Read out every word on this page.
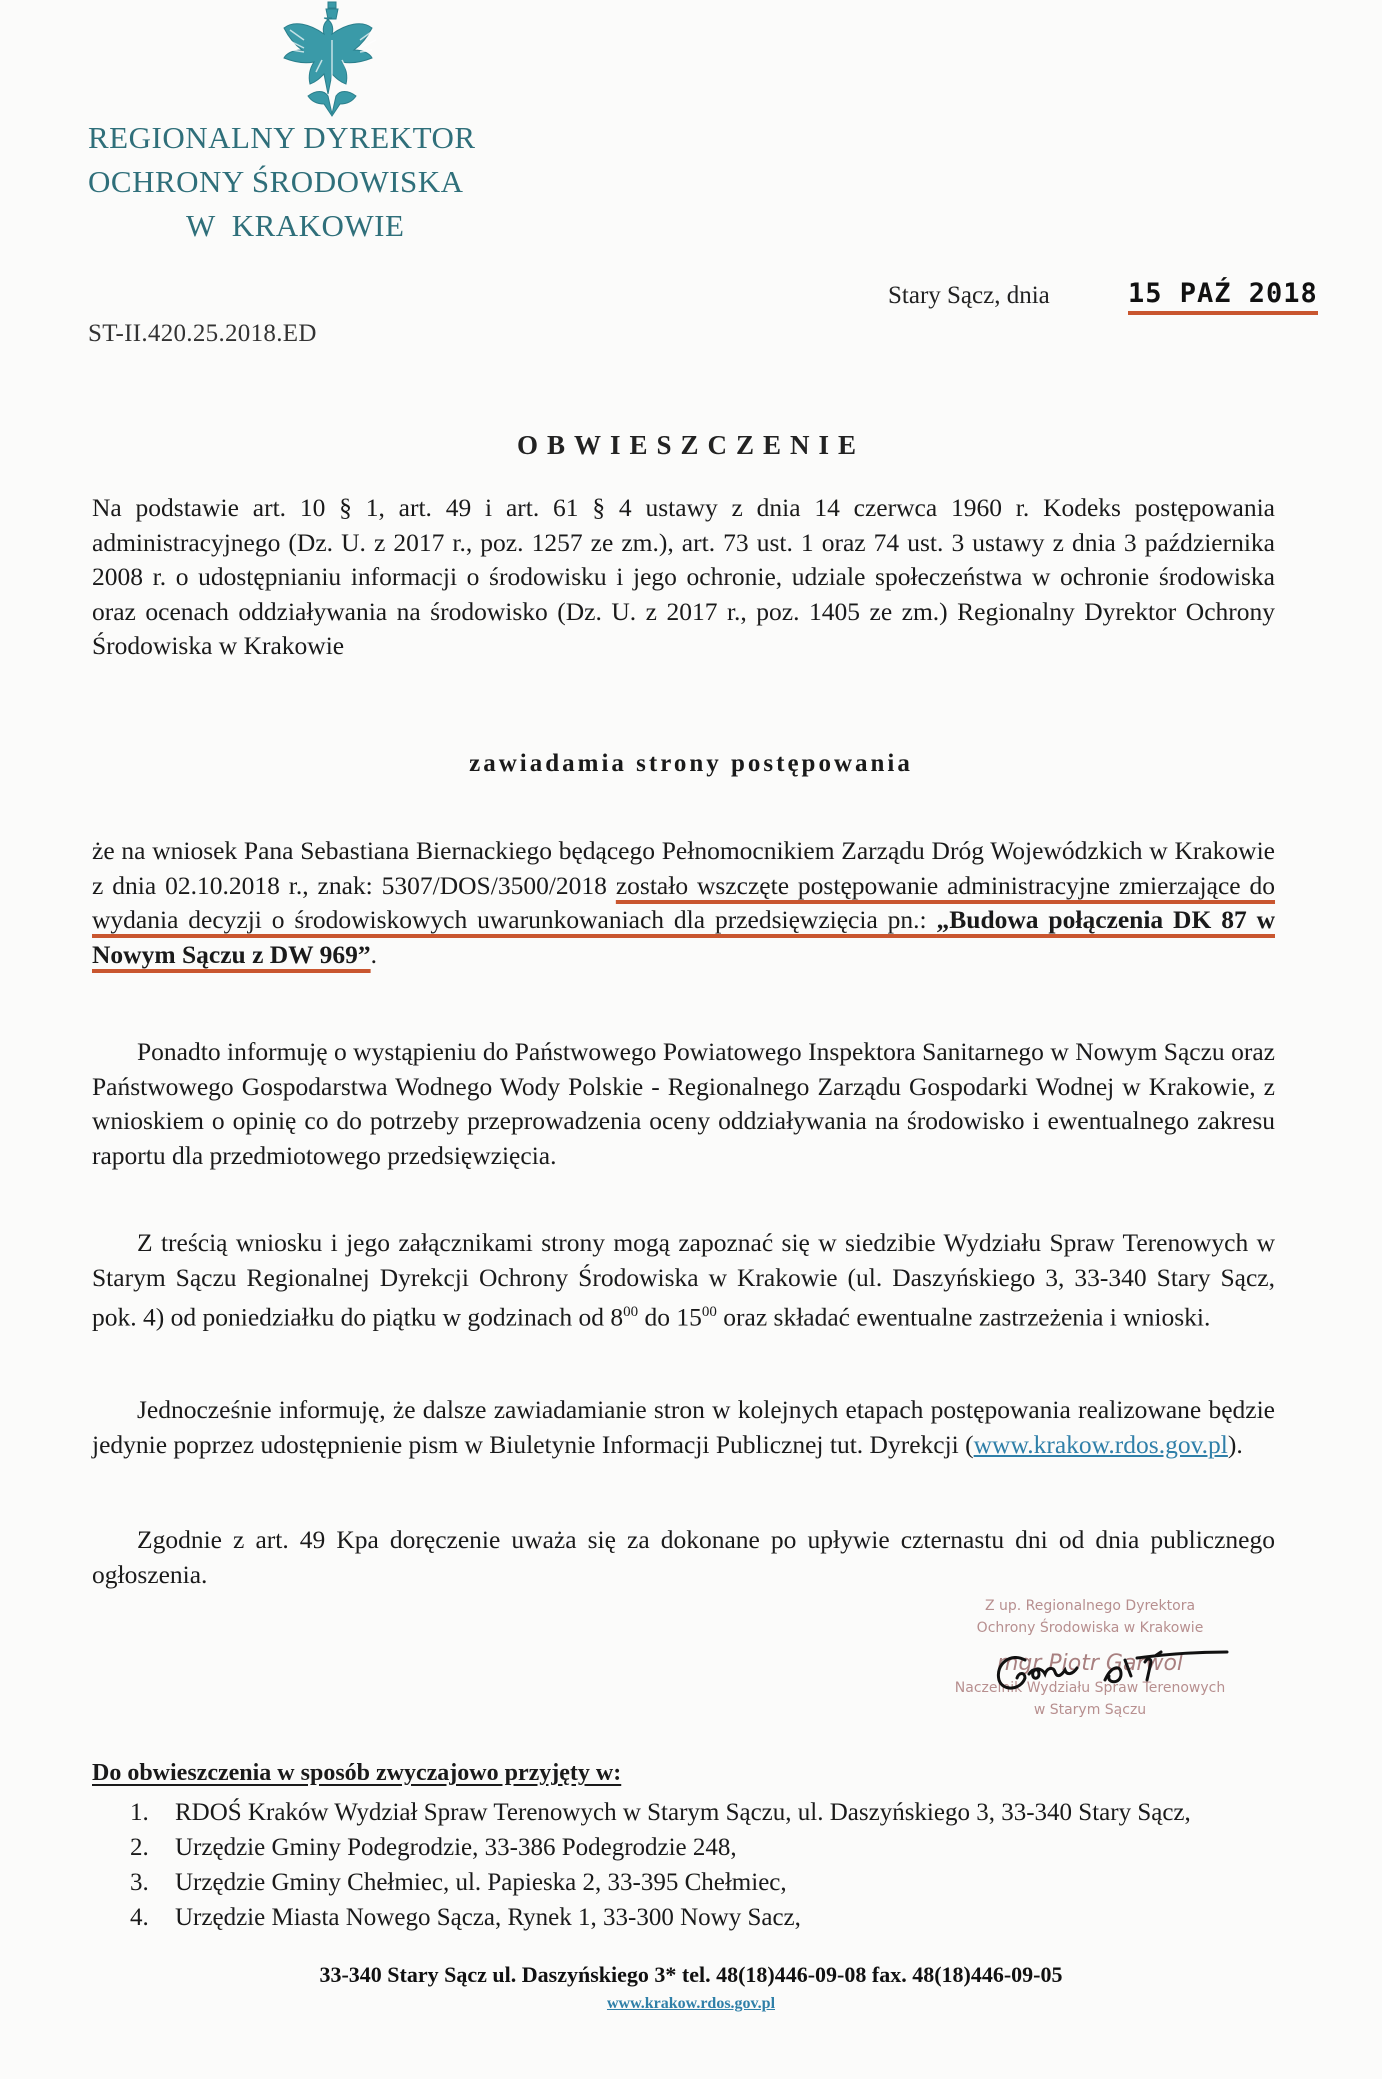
REGIONALNY DYREKTOR
OCHRONY ŚRODOWISKA
W  KRAKOWIE
ST-II.420.25.2018.ED
Stary Sącz, dnia	15 PAŹ 2018
OBWIESZCZENIE
Na podstawie art. 10 § 1, art. 49 i art. 61 § 4 ustawy z dnia 14 czerwca 1960 r. Kodeks postępowania administracyjnego (Dz. U. z 2017 r., poz. 1257 ze zm.), art. 73 ust. 1 oraz 74 ust. 3 ustawy z dnia 3 października 2008 r. o udostępnianiu informacji o środowisku i jego ochronie, udziale społeczeństwa w ochronie środowiska oraz ocenach oddziaływania na środowisko (Dz. U. z 2017 r., poz. 1405 ze zm.) Regionalny Dyrektor Ochrony Środowiska w Krakowie
zawiadamia strony postępowania
że na wniosek Pana Sebastiana Biernackiego będącego Pełnomocnikiem Zarządu Dróg Wojewódzkich w Krakowie z dnia 02.10.2018 r., znak: 5307/DOS/3500/2018 zostało wszczęte postępowanie administracyjne zmierzające do wydania decyzji o środowiskowych uwarunkowaniach dla przedsięwzięcia pn.: „Budowa połączenia DK 87 w Nowym Sączu z DW 969”.
Ponadto informuję o wystąpieniu do Państwowego Powiatowego Inspektora Sanitarnego w Nowym Sączu oraz Państwowego Gospodarstwa Wodnego Wody Polskie - Regionalnego Zarządu Gospodarki Wodnej w Krakowie, z wnioskiem o opinię co do potrzeby przeprowadzenia oceny oddziaływania na środowisko i ewentualnego zakresu raportu dla przedmiotowego przedsięwzięcia.
Z treścią wniosku i jego załącznikami strony mogą zapoznać się w siedzibie Wydziału Spraw Terenowych w Starym Sączu Regionalnej Dyrekcji Ochrony Środowiska w Krakowie (ul. Daszyńskiego 3, 33-340 Stary Sącz, pok. 4) od poniedziałku do piątku w godzinach od $8^{00}$ do $15^{00}$ oraz składać ewentualne zastrzeżenia i wnioski.
Jednocześnie informuję, że dalsze zawiadamianie stron w kolejnych etapach postępowania realizowane będzie jedynie poprzez udostępnienie pism w Biuletynie Informacji Publicznej tut. Dyrekcji (www.krakow.rdos.gov.pl).
Zgodnie z art. 49 Kpa doręczenie uważa się za dokonane po upływie czternastu dni od dnia publicznego ogłoszenia.
Z up. Regionalnego Dyrektora
Ochrony Środowiska w Krakowie
mgr Piotr Garwol
Naczelnik Wydziału Spraw Terenowych
w Starym Sączu
Do obwieszczenia w sposób zwyczajowo przyjęty w:
1.	RDOŚ Kraków Wydział Spraw Terenowych w Starym Sączu, ul. Daszyńskiego 3, 33-340 Stary Sącz,
2.	Urzędzie Gminy Podegrodzie, 33-386 Podegrodzie 248,
3.	Urzędzie Gminy Chełmiec, ul. Papieska 2, 33-395 Chełmiec,
4.	Urzędzie Miasta Nowego Sącza, Rynek 1, 33-300 Nowy Sacz,
33-340 Stary Sącz ul. Daszyńskiego 3* tel. 48(18)446-09-08 fax. 48(18)446-09-05
www.krakow.rdos.gov.pl
